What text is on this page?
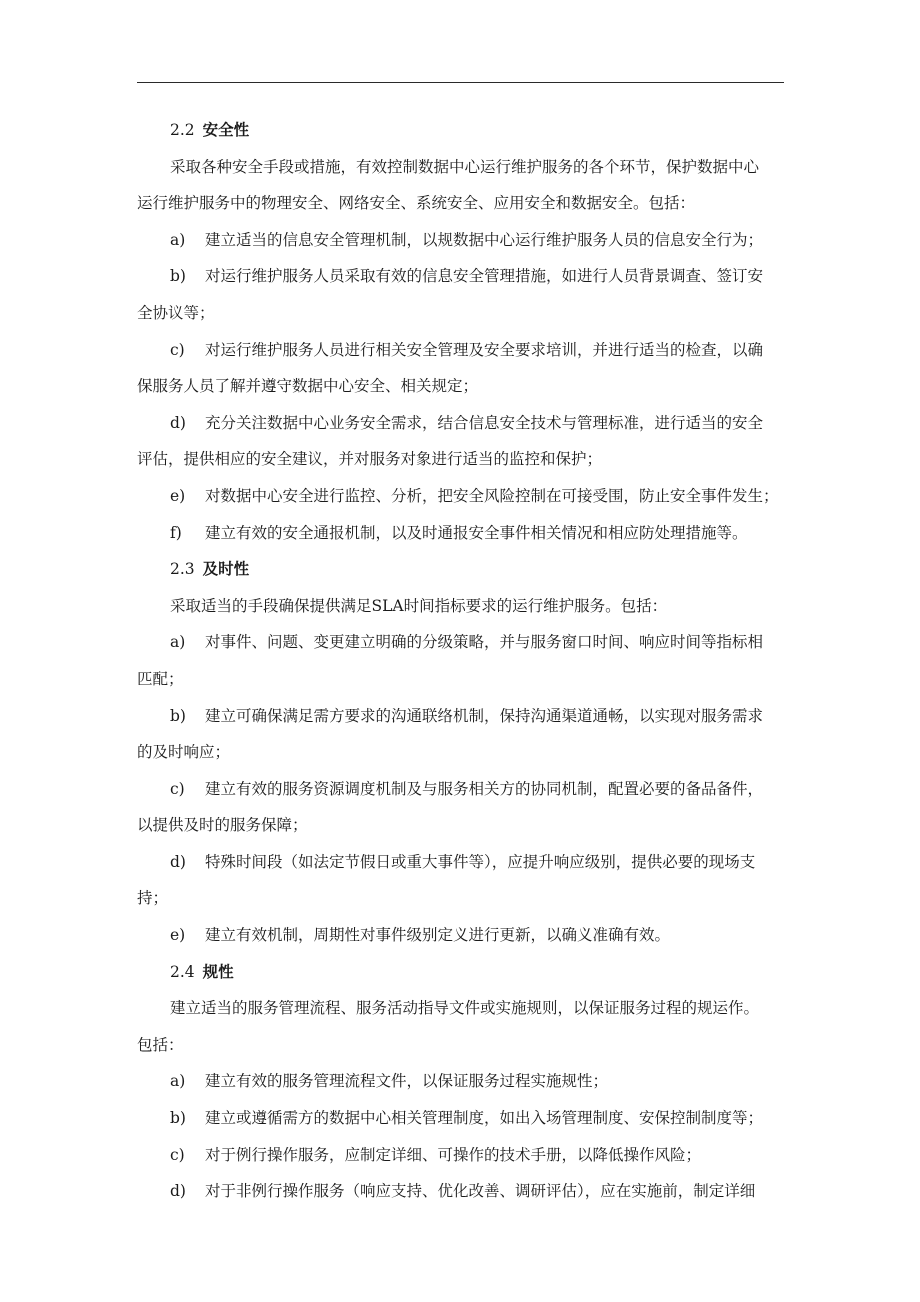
2.2 安全性
采取各种安全手段或措施，有效控制数据中心运行维护服务的各个环节，保护数据中心
运行维护服务中的物理安全、网络安全、系统安全、应用安全和数据安全。包括：
a) 建立适当的信息安全管理机制，以规数据中心运行维护服务人员的信息安全行为；
b) 对运行维护服务人员采取有效的信息安全管理措施，如进行人员背景调查、签订安
全协议等；
c) 对运行维护服务人员进行相关安全管理及安全要求培训，并进行适当的检查，以确
保服务人员了解并遵守数据中心安全、相关规定；
d) 充分关注数据中心业务安全需求，结合信息安全技术与管理标准，进行适当的安全
评估，提供相应的安全建议，并对服务对象进行适当的监控和保护；
e) 对数据中心安全进行监控、分析，把安全风险控制在可接受围，防止安全事件发生；
f) 建立有效的安全通报机制，以及时通报安全事件相关情况和相应防处理措施等。
2.3 及时性
采取适当的手段确保提供满足SLA时间指标要求的运行维护服务。包括：
a) 对事件、问题、变更建立明确的分级策略，并与服务窗口时间、响应时间等指标相
匹配；
b) 建立可确保满足需方要求的沟通联络机制，保持沟通渠道通畅，以实现对服务需求
的及时响应；
c) 建立有效的服务资源调度机制及与服务相关方的协同机制，配置必要的备品备件，
以提供及时的服务保障；
d) 特殊时间段（如法定节假日或重大事件等），应提升响应级别，提供必要的现场支
持；
e) 建立有效机制，周期性对事件级别定义进行更新，以确义准确有效。
2.4 规性
建立适当的服务管理流程、服务活动指导文件或实施规则，以保证服务过程的规运作。
包括：
a) 建立有效的服务管理流程文件，以保证服务过程实施规性；
b) 建立或遵循需方的数据中心相关管理制度，如出入场管理制度、安保控制制度等；
c) 对于例行操作服务，应制定详细、可操作的技术手册，以降低操作风险；
d) 对于非例行操作服务（响应支持、优化改善、调研评估），应在实施前，制定详细
